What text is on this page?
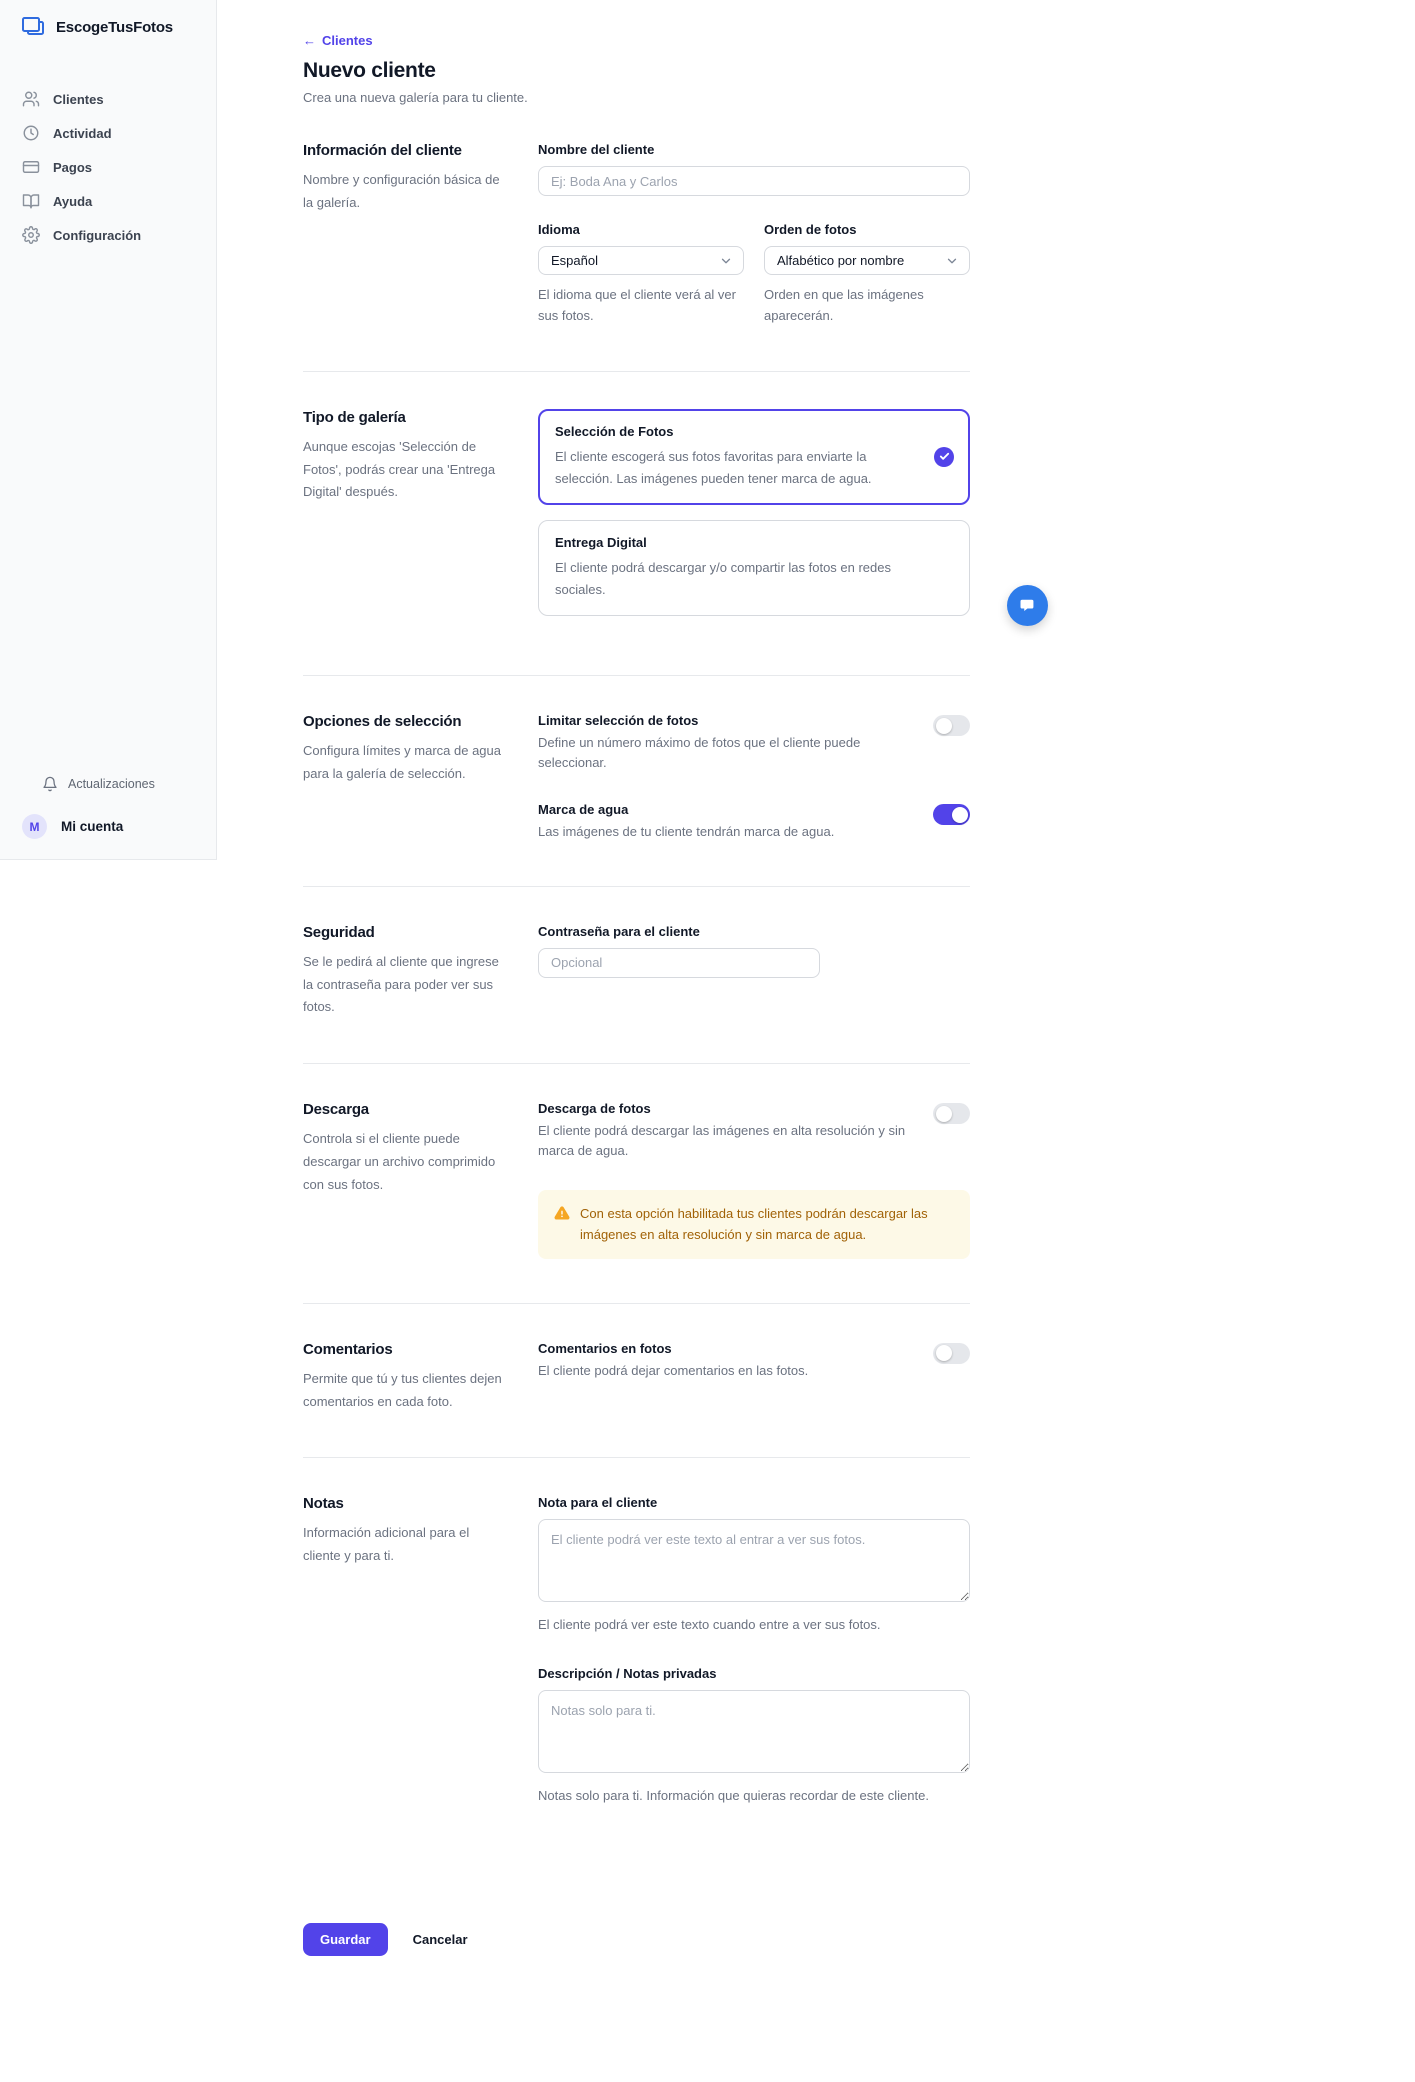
EscogeTusFotos
Clientes
Actividad
Pagos
Ayuda
Configuración
Actualizaciones
M	Mi cuenta
← Clientes
Nuevo cliente

Crea una nueva galería para tu cliente.

Información del cliente

Nombre y configuración básica de la galería.

Nombre del cliente
Ej: Boda Ana y Carlos
Idioma
Español

El idioma que el cliente verá al ver sus fotos.

Orden de fotos
Alfabético por nombre

Orden en que las imágenes aparecerán.

Tipo de galería

Aunque escojas 'Selección de Fotos', podrás crear una 'Entrega Digital' después.

Selección de Fotos
El cliente escogerá sus fotos favoritas para enviarte la selección. Las imágenes pueden tener marca de agua.
Entrega Digital
El cliente podrá descargar y/o compartir las fotos en redes sociales.
Opciones de selección

Configura límites y marca de agua para la galería de selección.

Limitar selección de fotos
Define un número máximo de fotos que el cliente puede seleccionar.
Marca de agua
Las imágenes de tu cliente tendrán marca de agua.
Seguridad

Se le pedirá al cliente que ingrese la contraseña para poder ver sus fotos.

Contraseña para el cliente
Opcional
Descarga

Controla si el cliente puede descargar un archivo comprimido con sus fotos.

Descarga de fotos
El cliente podrá descargar las imágenes en alta resolución y sin marca de agua.
Con esta opción habilitada tus clientes podrán descargar las imágenes en alta resolución y sin marca de agua.
Comentarios

Permite que tú y tus clientes dejen comentarios en cada foto.

Comentarios en fotos
El cliente podrá dejar comentarios en las fotos.
Notas

Información adicional para el cliente y para ti.

Nota para el cliente
El cliente podrá ver este texto al entrar a ver sus fotos.

El cliente podrá ver este texto cuando entre a ver sus fotos.

Descripción / Notas privadas
Notas solo para ti.

Notas solo para ti. Información que quieras recordar de este cliente.

Guardar	Cancelar
